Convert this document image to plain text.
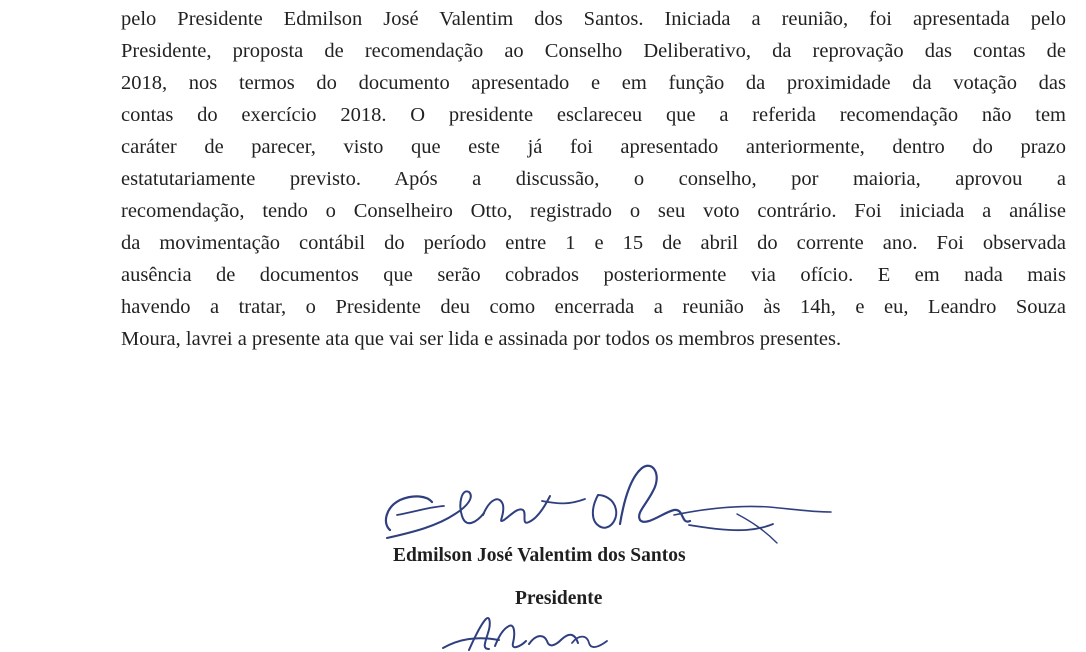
pelo Presidente Edmilson José Valentim dos Santos. Iniciada a reunião, foi apresentada pelo
Presidente, proposta de recomendação ao Conselho Deliberativo, da reprovação das contas de
2018, nos termos do documento apresentado e em função da proximidade da votação das
contas do exercício 2018. O presidente esclareceu que a referida recomendação não tem
caráter de parecer, visto que este já foi apresentado anteriormente, dentro do prazo
estatutariamente previsto. Após a discussão, o conselho, por maioria, aprovou a
recomendação, tendo o Conselheiro Otto, registrado o seu voto contrário. Foi iniciada a análise
da movimentação contábil do período entre 1 e 15 de abril do corrente ano. Foi observada
ausência de documentos que serão cobrados posteriormente via ofício. E em nada mais
havendo a tratar, o Presidente deu como encerrada a reunião às 14h, e eu, Leandro Souza
Moura, lavrei a presente ata que vai ser lida e assinada por todos os membros presentes.
Edmilson José Valentim dos Santos
Presidente
